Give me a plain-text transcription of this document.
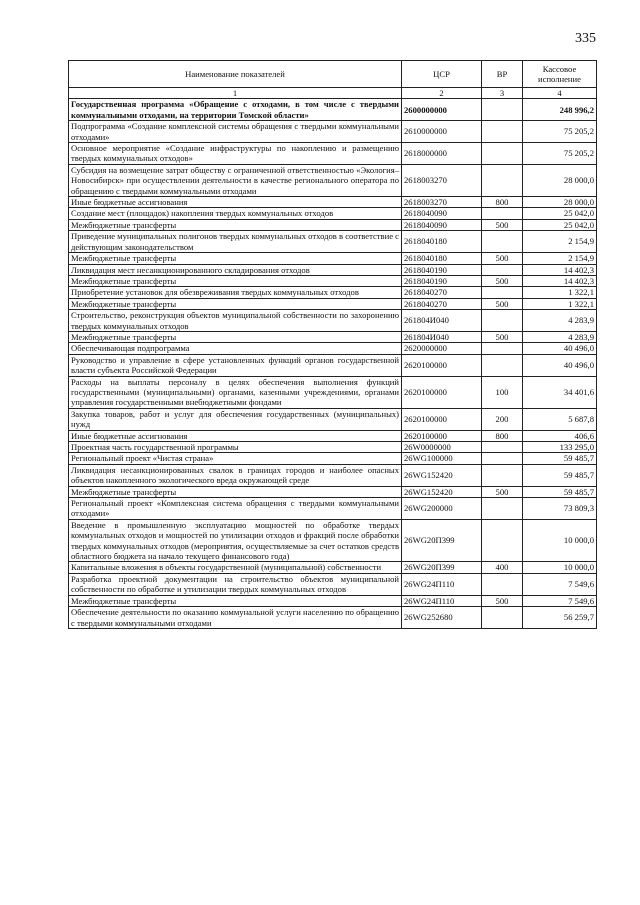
335
Наименование показателей	ЦСР	ВР	Кассовое исполнение
1	2	3	4
Государственная программа «Обращение с отходами, в том числе с твердыми коммунальными отходами, на территории Томской области»	2600000000		248 996,2
Подпрограмма «Создание комплексной системы обращения с твердыми коммунальными отходами»	2610000000		75 205,2
Основное мероприятие «Создание инфраструктуры по накоплению и размещению твердых коммунальных отходов»	2618000000		75 205,2
Субсидия на возмещение затрат обществу с ограниченной ответственностью «Экология–Новосибирск» при осуществлении деятельности в качестве регионального оператора по обращению с твердыми коммунальными отходами	2618003270		28 000,0
Иные бюджетные ассигнования	2618003270	800	28 000,0
Создание мест (площадок) накопления твердых коммунальных отходов	2618040090		25 042,0
Межбюджетные трансферты	2618040090	500	25 042,0
Приведение муниципальных полигонов твердых коммунальных отходов в соответствие с действующим законодательством	2618040180		2 154,9
Межбюджетные трансферты	2618040180	500	2 154,9
Ликвидация мест несанкционированного складирования отходов	2618040190		14 402,3
Межбюджетные трансферты	2618040190	500	14 402,3
Приобретение установок для обезвреживания твердых коммунальных отходов	2618040270		1 322,1
Межбюджетные трансферты	2618040270	500	1 322,1
Строительство, реконструкция объектов муниципальной собственности по захоронению твердых коммунальных отходов	261804И040		4 283,9
Межбюджетные трансферты	261804И040	500	4 283,9
Обеспечивающая подпрограмма	2620000000		40 496,0
Руководство и управление в сфере установленных функций органов государственной власти субъекта Российской Федерации	2620100000		40 496,0
Расходы на выплаты персоналу в целях обеспечения выполнения функций государственными (муниципальными) органами, казенными учреждениями, органами управления государственными внебюджетными фондами	2620100000	100	34 401,6
Закупка товаров, работ и услуг для обеспечения государственных (муниципальных) нужд	2620100000	200	5 687,8
Иные бюджетные ассигнования	2620100000	800	406,6
Проектная часть государственной программы	26W0000000		133 295,0
Региональный проект «Чистая страна»	26WG100000		59 485,7
Ликвидация несанкционированных свалок в границах городов и наиболее опасных объектов накопленного экологического вреда окружающей среде	26WG152420		59 485,7
Межбюджетные трансферты	26WG152420	500	59 485,7
Региональный проект «Комплексная система обращения с твердыми коммунальными отходами»	26WG200000		73 809,3
Введение в промышленную эксплуатацию мощностей по обработке твердых коммунальных отходов и мощностей по утилизации отходов и фракций после обработки твердых коммунальных отходов (мероприятия, осуществляемые за счет остатков средств областного бюджета на начало текущего финансового года)	26WG20П399		10 000,0
Капитальные вложения в объекты государственной (муниципальной) собственности	26WG20П399	400	10 000,0
Разработка проектной документации на строительство объектов муниципальной собственности по обработке и утилизации твердых коммунальных отходов	26WG24П110		7 549,6
Межбюджетные трансферты	26WG24П110	500	7 549,6
Обеспечение деятельности по оказанию коммунальной услуги населению по обращению с твердыми коммунальными отходами	26WG252680		56 259,7
